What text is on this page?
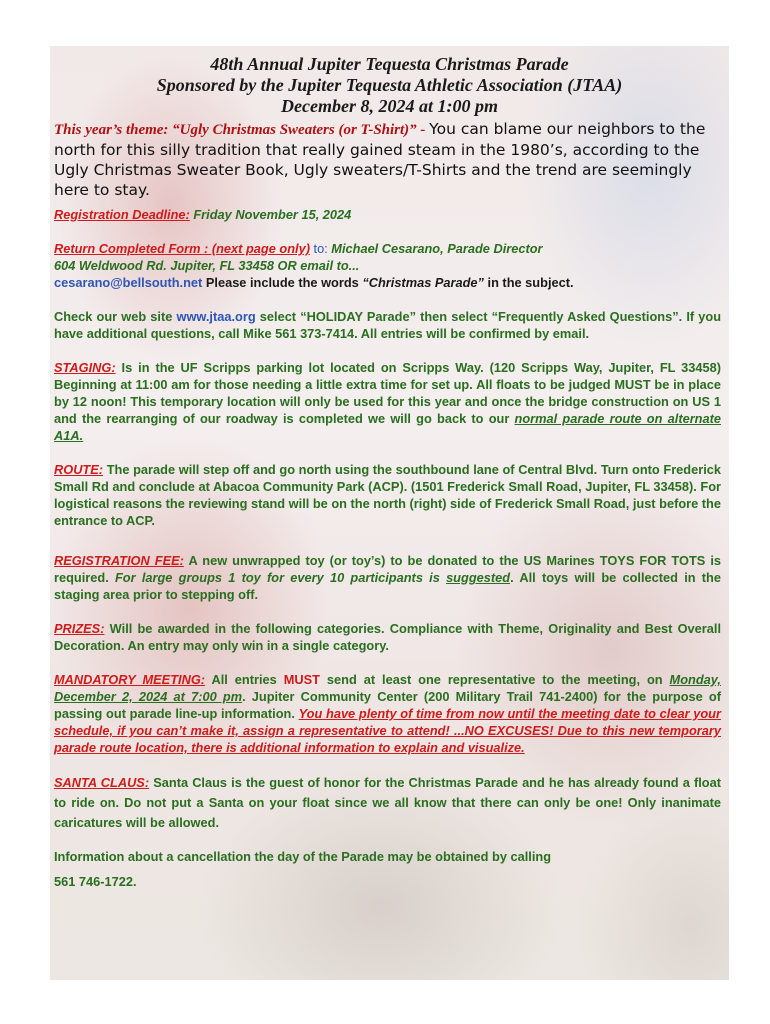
48th Annual Jupiter Tequesta Christmas Parade
Sponsored by the Jupiter Tequesta Athletic Association (JTAA)
December 8, 2024 at 1:00 pm
This year’s theme: “Ugly Christmas Sweaters (or T-Shirt)” - You can blame our neighbors to the north for this silly tradition that really gained steam in the 1980’s, according to the Ugly Christmas Sweater Book, Ugly sweaters/T-Shirts and the trend are seemingly here to stay.

Registration Deadline: Friday November 15, 2024

Return Completed Form : (next page only) to: Michael Cesarano, Parade Director
604 Weldwood Rd. Jupiter, FL 33458 OR email to...
cesarano@bellsouth.net Please include the words “Christmas Parade” in the subject.

Check our web site www.jtaa.org select “HOLIDAY Parade” then select “Frequently Asked Questions”. If you have additional questions, call Mike 561 373-7414. All entries will be confirmed by email.

STAGING: Is in the UF Scripps parking lot located on Scripps Way. (120 Scripps Way, Jupiter, FL 33458) Beginning at 11:00 am for those needing a little extra time for set up. All floats to be judged MUST be in place by 12 noon! This temporary location will only be used for this year and once the bridge construction on US 1 and the rearranging of our roadway is completed we will go back to our normal parade route on alternate A1A.

ROUTE: The parade will step off and go north using the southbound lane of Central Blvd. Turn onto Frederick Small Rd and conclude at Abacoa Community Park (ACP). (1501 Frederick Small Road, Jupiter, FL 33458). For logistical reasons the reviewing stand will be on the north (right) side of Frederick Small Road, just before the entrance to ACP.

REGISTRATION FEE: A new unwrapped toy (or toy’s) to be donated to the US Marines TOYS FOR TOTS is required. For large groups 1 toy for every 10 participants is suggested. All toys will be collected in the staging area prior to stepping off.

PRIZES: Will be awarded in the following categories. Compliance with Theme, Originality and Best Overall Decoration. An entry may only win in a single category.

MANDATORY MEETING: All entries MUST send at least one representative to the meeting, on Monday, December 2, 2024 at 7:00 pm. Jupiter Community Center (200 Military Trail 741-2400) for the purpose of passing out parade line-up information. You have plenty of time from now until the meeting date to clear your schedule, if you can’t make it, assign a representative to attend! ...NO EXCUSES! Due to this new temporary parade route location, there is additional information to explain and visualize.

SANTA CLAUS: Santa Claus is the guest of honor for the Christmas Parade and he has already found a float to ride on. Do not put a Santa on your float since we all know that there can only be one! Only inanimate caricatures will be allowed.

Information about a cancellation the day of the Parade may be obtained by calling
561 746-1722.
